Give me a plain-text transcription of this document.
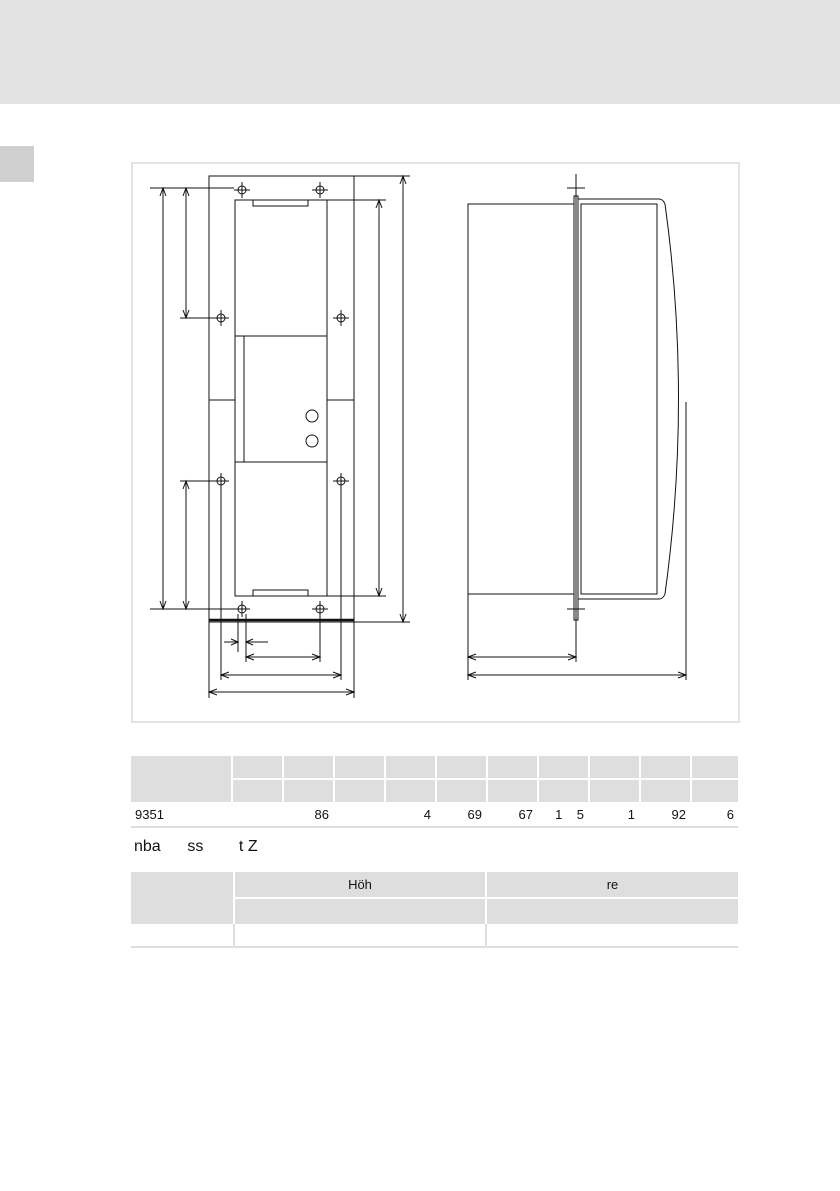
9351		86		4	69	67	1    5	1	92	6
nba      ss        t Z
	Höh	re
